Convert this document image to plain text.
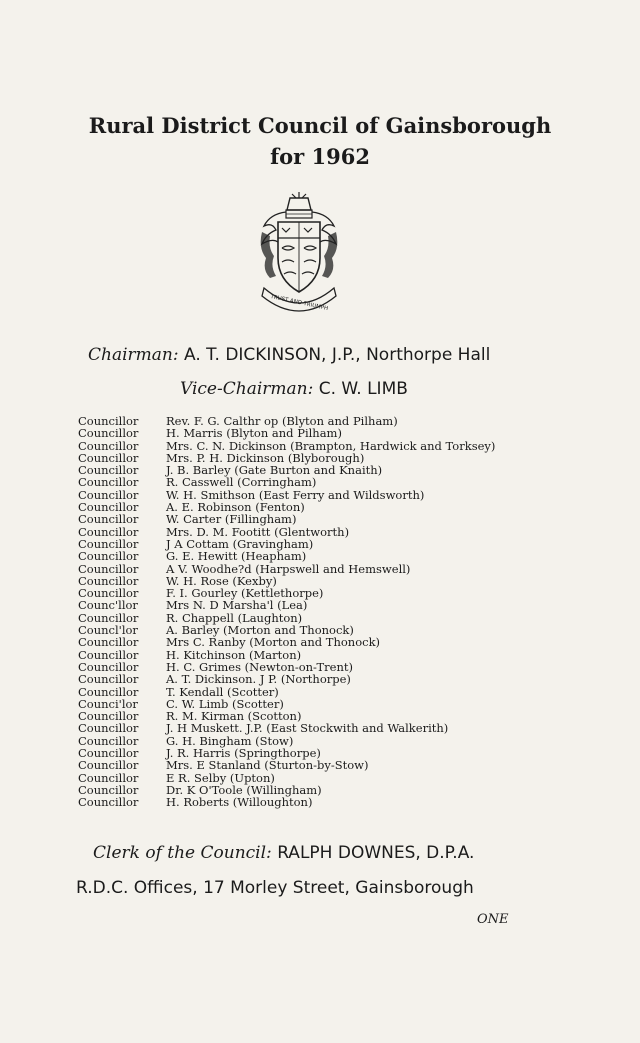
Rural District Council of Gainsborough
for 1962
TRUST AND TRIUMPH
Chairman: A. T. DICKINSON, J.P., Northorpe Hall
Vice-Chairman: C. W. LIMB
Councillor	Rev. F. G. Calthr op (Blyton and Pilham)
Councillor	H. Marris (Blyton and Pilham)
Councillor	Mrs. C. N. Dickinson (Brampton, Hardwick and Torksey)
Councillor	Mrs. P. H. Dickinson (Blyborough)
Councillor	J. B. Barley (Gate Burton and Knaith)
Councillor	R. Casswell (Corringham)
Councillor	W. H. Smithson (East Ferry and Wildsworth)
Councillor	A. E. Robinson (Fenton)
Councillor	W. Carter (Fillingham)
Councillor	Mrs. D. M. Footitt (Glentworth)
Councillor	J A Cottam (Gravingham)
Councillor	G. E. Hewitt (Heapham)
Councillor	A V. Woodhe?d (Harpswell and Hemswell)
Councillor	W. H. Rose (Kexby)
Councillor	F. I. Gourley (Kettlethorpe)
Counc'llor	Mrs N. D Marsha'l (Lea)
Councillor	R. Chappell (Laughton)
Councl'lor	A. Barley (Morton and Thonock)
Councillor	Mrs C. Ranby (Morton and Thonock)
Councillor	H. Kitchinson (Marton)
Councillor	H. C. Grimes (Newton-on-Trent)
Councillor	A. T. Dickinson. J P. (Northorpe)
Councillor	T. Kendall (Scotter)
Counci'lor	C. W. Limb (Scotter)
Councillor	R. M. Kirman (Scotton)
Councillor	J. H Muskett. J.P. (East Stockwith and Walkerith)
Councillor	G. H. Bingham (Stow)
Councillor	J. R. Harris (Springthorpe)
Councillor	Mrs. E Stanland (Sturton-by-Stow)
Councillor	E R. Selby (Upton)
Councillor	Dr. K O'Toole (Willingham)
Councillor	H. Roberts (Willoughton)
Clerk of the Council: RALPH DOWNES, D.P.A.
R.D.C. Offices, 17 Morley Street, Gainsborough
ONE
